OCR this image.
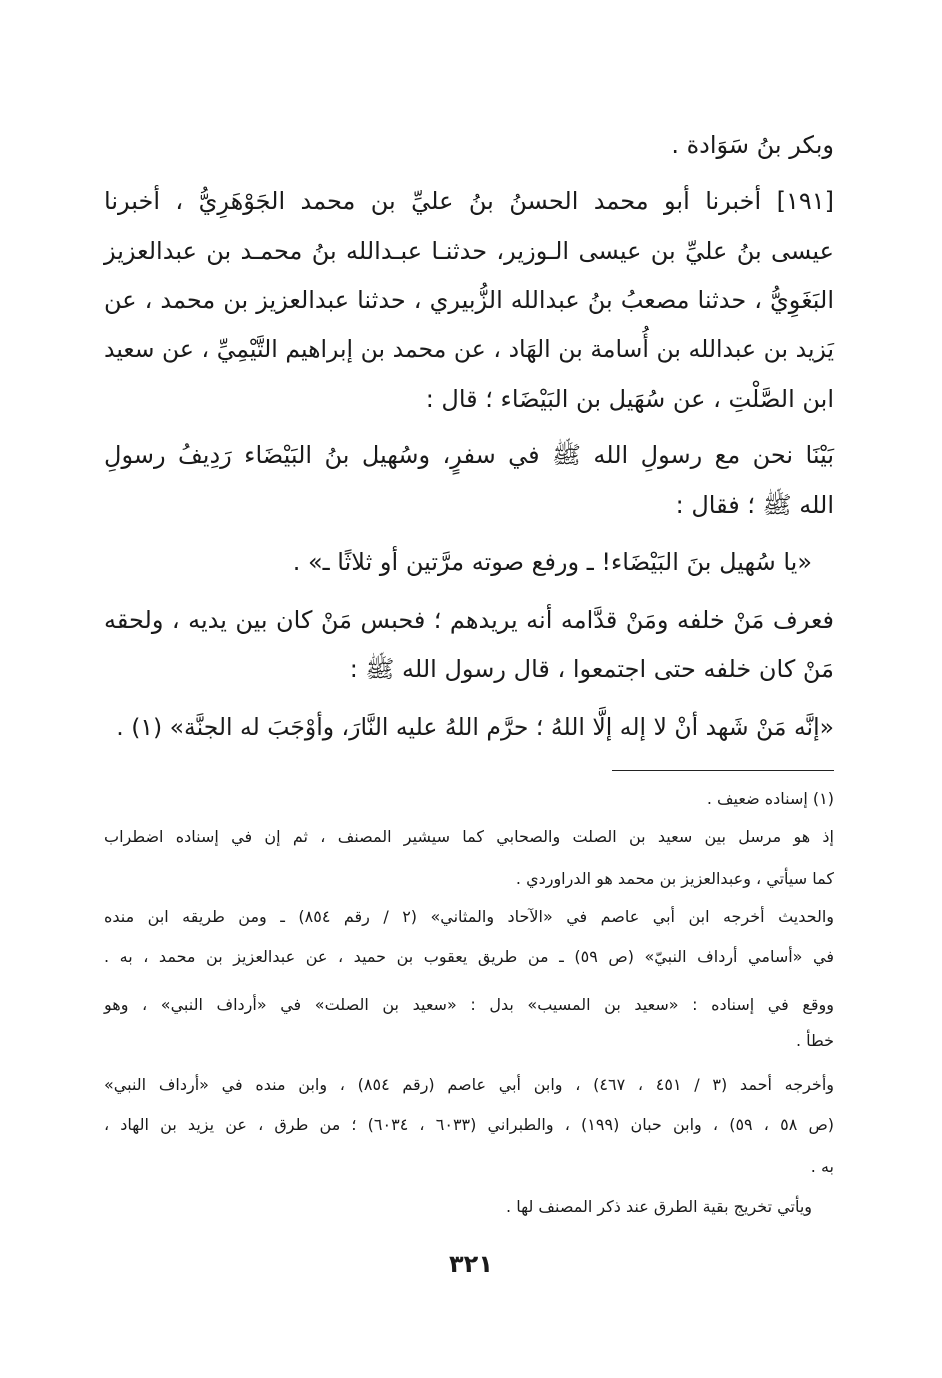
وبكر بنُ سَوَادة .
[١٩١] أخبرنا أبو محمد الحسنُ بنُ عليِّ بن محمد الجَوْهَرِيُّ ، أخبرنا
عيسى بنُ عليِّ بن عيسى الـوزير، حدثنـا عبـدالله بنُ محمـد بن عبدالعزيز
البَغَوِيُّ ، حدثنا مصعبُ بنُ عبدالله الزُّبيري ، حدثنا عبدالعزيز بن محمد ، عن
يَزيد بن عبدالله بن أُسامة بن الهَاد ، عن محمد بن إبراهيم التَّيْمِيِّ ، عن سعيد
ابن الصَّلْتِ ، عن سُهَيل بن البَيْضَاء ؛ قال :
بَيْنَا نحن مع رسولِ الله ﷺ في سفرٍ، وسُهيل بنُ البَيْضَاء رَدِيفُ رسولِ
الله ﷺ ؛ فقال :
«يا سُهيل بنَ البَيْضَاء! ـ ورفع صوته مرَّتين أو ثلاثًا ـ» .
فعرف مَنْ خلفه ومَنْ قدَّامه أنه يريدهم ؛ فحبس مَنْ كان بين يديه ، ولحقه
مَنْ كان خلفه حتى اجتمعوا ، قال رسول الله ﷺ :
«إنَّه مَنْ شَهد أنْ لا إله إلَّا اللهُ ؛ حرَّم اللهُ عليه النَّارَ، وأوْجَبَ له الجنَّة» (١) .
(١) إسناده ضعيف .
إذ هو مرسل بين سعيد بن الصلت والصحابي كما سيشير المصنف ، ثم إن في إسناده اضطراب
كما سيأتي ، وعبدالعزيز بن محمد هو الدراوردي .
والحديث أخرجه ابن أبي عاصم في «الآحاد والمثاني» (٢ / رقم ٨٥٤) ـ ومن طريقه ابن منده
في «أسامي أرداف النبيّ» (ص ٥٩) ـ من طريق يعقوب بن حميد ، عن عبدالعزيز بن محمد ، به .
ووقع في إسناده : «سعيد بن المسيب» بدل : «سعيد بن الصلت» في «أرداف النبي» ، وهو
خطأ .
وأخرجه أحمد (٣ / ٤٥١ ، ٤٦٧) ، وابن أبي عاصم (رقم ٨٥٤) ، وابن منده في «أرداف النبي»
(ص ٥٨ ، ٥٩) ، وابن حبان (١٩٩) ، والطبراني (٦٠٣٣ ، ٦٠٣٤) ؛ من طرق ، عن يزيد بن الهاد ،
به .
ويأتي تخريج بقية الطرق عند ذكر المصنف لها .
٣٢١
